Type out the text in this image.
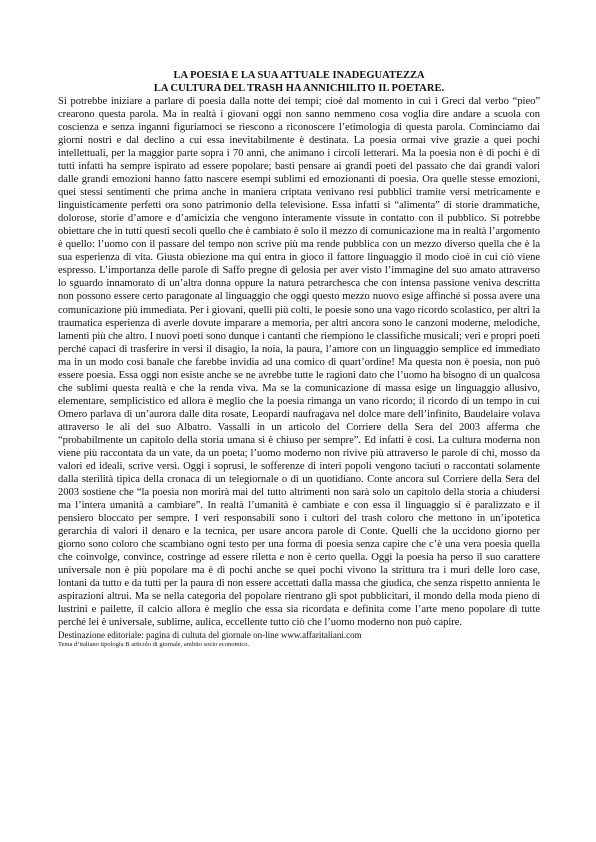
LA POESIA E LA SUA ATTUALE INADEGUATEZZA
LA CULTURA DEL TRASH HA ANNICHILITO IL POETARE.

Si potrebbe iniziare a parlare di poesia dalla notte dei tempi; cioè dal momento in cui i Greci dal verbo “pieo” crearono questa parola. Ma in realtà i giovani oggi non sanno nemmeno cosa voglia dire andare a scuola con coscienza e senza inganni figuriamoci se riescono a riconoscere l’etimologia di questa parola. Cominciamo dai giorni nostri e dal declino a cui essa inevitabilmente è destinata. La poesia ormai vive grazie a quei pochi intellettuali, per la maggior parte sopra i 70 anni, che animano i circoli letterari. Ma la poesia non è di pochi è di tutti infatti ha sempre ispirato ad essere popolare; basti pensare ai grandi poeti del passato che dai grandi valori dalle grandi emozioni hanno fatto nascere esempi sublimi ed emozionanti di poesia. Ora quelle stesse emozioni, quei stessi sentimenti che prima anche in maniera criptata venivano resi pubblici tramite versi metricamente e linguisticamente perfetti ora sono patrimonio della televisione. Essa infatti si “alimenta” di storie drammatiche, dolorose, storie d’amore e d’amicizia che vengono interamente vissute in contatto con il pubblico. Si potrebbe obiettare che in tutti questi secoli quello che è cambiato è solo il mezzo di comunicazione ma in realtà l’argomento è quello: l’uomo con il passare del tempo non scrive più ma rende pubblica con un mezzo diverso quella che è la sua esperienza di vita. Giusta obiezione ma qui entra in gioco il fattore linguaggio il modo cioè in cui ciò viene espresso. L’importanza delle parole di Saffo pregne di gelosia per aver visto l’immagine del suo amato attraverso lo sguardo innamorato di un’altra donna oppure la natura petrarchesca che con intensa passione veniva descritta non possono essere certo paragonate al linguaggio che oggi questo mezzo nuovo esige affinché si possa avere una comunicazione più immediata. Per i giovani, quelli più colti, le poesie sono una vago ricordo scolastico, per altri la traumatica esperienza di averle dovute imparare a memoria, per altri ancora sono le canzoni moderne, melodiche, lamenti più che altro. I nuovi poeti sono dunque i cantanti che riempiono le classifiche musicali; veri e propri poeti perché capaci di trasferire in versi il disagio, la noia, la paura, l’amore con un linguaggio semplice ed immediato ma in un modo così banale che farebbe invidia ad una comico di quart’ordine! Ma questa non è poesia, non può essere poesia. Essa oggi non esiste anche se ne avrebbe tutte le ragioni dato che l’uomo ha bisogno di un qualcosa che sublimi questa realtà e che la renda viva. Ma se la comunicazione di massa esige un linguaggio allusivo, elementare, semplicistico ed allora è meglio che la poesia rimanga un vano ricordo; il ricordo di un tempo in cui Omero parlava di un’aurora dalle dita rosate, Leopardi naufragava nel dolce mare dell’infinito, Baudelaire volava attraverso le ali del suo Albatro. Vassalli in un articolo del Corriere della Sera del 2003 afferma che “probabilmente un capitolo della storia umana si è chiuso per sempre”. Ed infatti è così. La cultura moderna non viene più raccontata da un vate, da un poeta; l’uomo moderno non rivive più attraverso le parole di chi, mosso da valori ed ideali, scrive versi. Oggi i soprusi, le sofferenze di interi popoli vengono taciuti o raccontati solamente dalla sterilità tipica della cronaca di un telegiornale o di un quotidiano. Conte ancora sul Corriere della Sera del 2003 sostiene che “la poesia non morirà mai del tutto altrimenti non sarà solo un capitolo della storia a chiudersi ma l’intera umanità a cambiare”. In realtà l’umanità è cambiate e con essa il linguaggio si è paralizzato e il pensiero bloccato per sempre. I veri responsabili sono i cultori del trash coloro che mettono in un’ipotetica gerarchia di valori il denaro e la tecnica, per usare ancora parole di Conte. Quelli che la uccidono giorno per giorno sono coloro che scambiano ogni testo per una forma di poesia senza capire che c’è una vera poesia quella che coinvolge, convince, costringe ad essere riletta e non è certo quella. Oggi la poesia ha perso il suo carattere universale non è più popolare ma è di pochi anche se quei pochi vivono la strittura tra i muri delle loro case, lontani da tutto e da tutti per la paura di non essere accettati dalla massa che giudica, che senza rispetto annienta le aspirazioni altrui. Ma se nella categoria del popolare rientrano gli spot pubblicitari, il mondo della moda pieno di lustrini e pailette, il calcio allora è meglio che essa sia ricordata e definita come l’arte meno popolare di tutte perché lei è universale, sublime, aulica, eccellente tutto ciò che l’uomo moderno non può capire.

Destinazione editoriale: pagina di cultuta del giornale on-line www.affaritaliani.com

Tema d’italiano tipologia B articolo di giornale, ambito socio economico.
